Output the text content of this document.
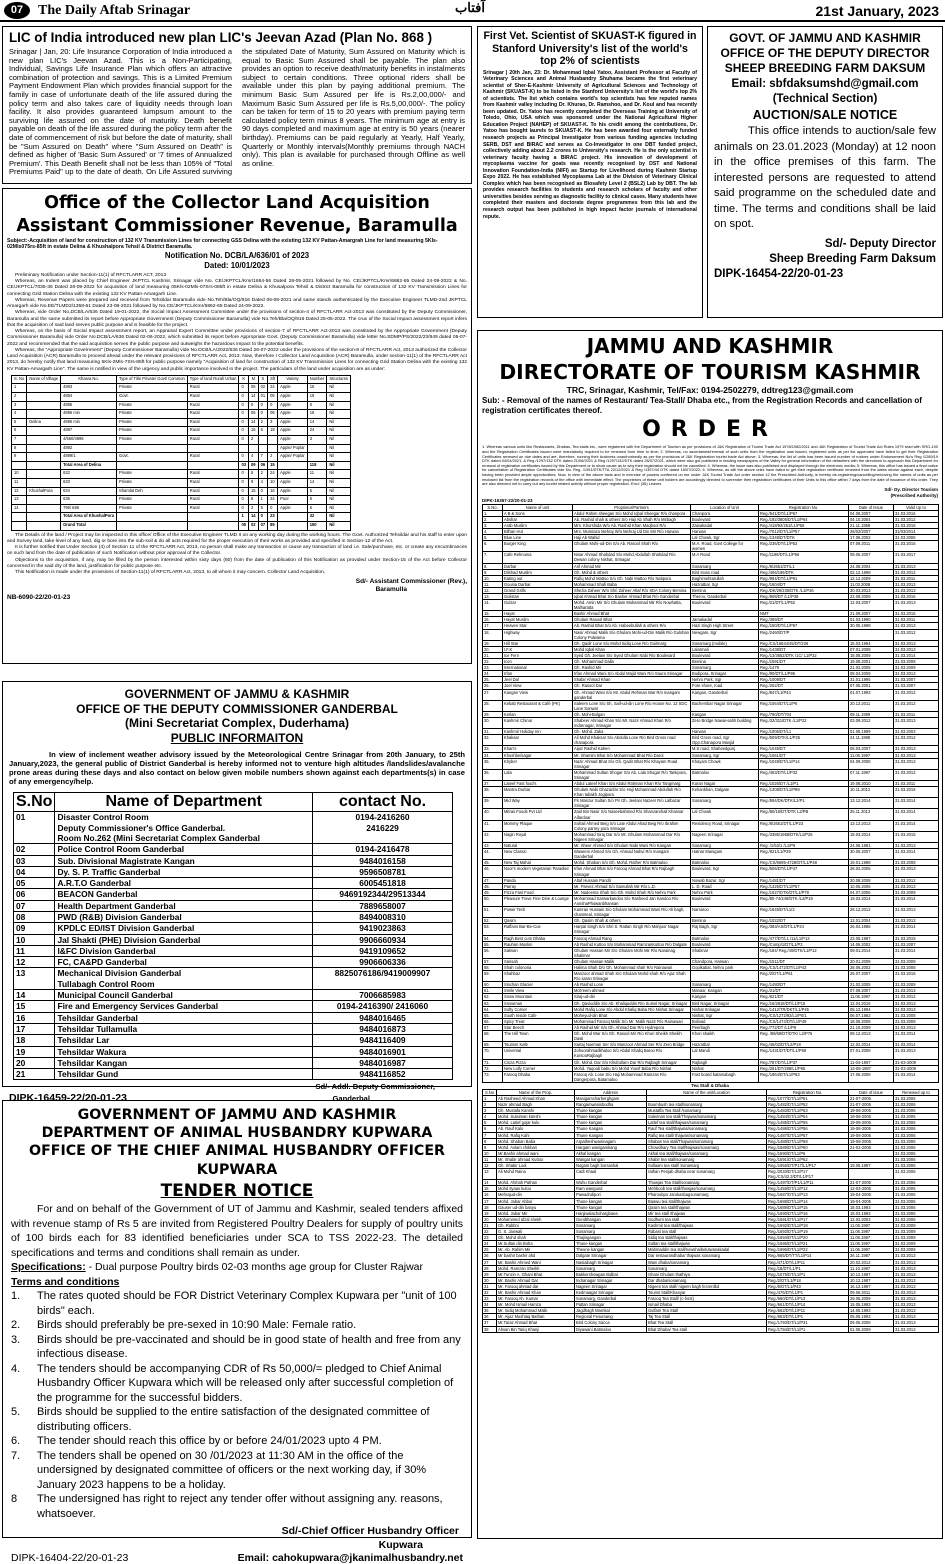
07	The Daily Aftab Srinagar	آفتاب	21st January, 2023
LIC of India introduced new plan LIC's Jeevan Azad (Plan No. 868 )
Srinagar | Jan, 20: Life Insurance Corporation of India introduced a new plan LIC's Jeevan Azad. This is a Non-Participating, Individual, Savings Life Insurance Plan which offers an attractive combination of protection and savings. This is a Limited Premium Payment Endowment Plan which provides financial support for the family in case of unfortunate death of the life assured during the policy term and also takes care of liquidity needs through loan facility. It also provides guaranteed lumpsum amount to the surviving life assured on the date of maturity. Death benefit payable on death of the life assured during the policy term after the date of commencement of risk but before the date of maturity, shall be "Sum Assured on Death" where "Sum Assured on Death" is defined as higher of 'Basic Sum Assured' or '7 times of Annualized Premium'. This Death Benefit shall not be less than 105% of "Total Premiums Paid" up to the date of death. On Life Assured surviving the stipulated Date of Maturity, Sum Assured on Maturity which is equal to Basic Sum Assured shall be payable. The plan also provides an option to receive death/maturity benefits in instalments subject to certain conditions. Three optional riders shall be available under this plan by paying additional premium. The minimum Basic Sum Assured per life is Rs.2,00,000/- and Maximum Basic Sum Assured per life is Rs.5,00,000/-. The policy can be taken for term of 15 to 20 years with premium paying term calculated policy term minus 8 years. The minimum age at entry is 90 days completed and maximum age at entry is 50 years (nearer birthday). Premiums can be paid regularly at Yearly, Half Yearly, Quarterly or Monthly intervals(Monthly premiums through NACH only). This plan is available for purchased through Offline as well as online.
First Vet. Scientist of SKUAST-K figured in Stanford University's list of the world's top 2% of scientists
Srinagar | 20th Jan, 23: Dr. Mohammad Iqbal Yatoo, Assistant Professor at Faculty of Veterinary Sciences and Animal Husbandry Shuhama became the first veterinary scientist of Sher-E-Kashmir University of Agricultural Sciences and Technology of Kashmir (SKUAST-K) to be listed in the Stanford University's list of the world's top 2% of scientists. The list which contains world's top scientists has few reputed names from Kashmir valley including Dr. Khurao, Dr. Ramshoo, and Dr. Koul and has recently been updated. Dr. Yatoo has recently completed the Overseas Training at University of Toledo, Ohio, USA which was sponsored under the National Agricultural Higher Education Project (NAHEP) of SKUAST-K. To his credit among the contributions, Dr. Yatoo has bought laurels to SKUAST-K. He has been awarded four externally funded research projects as Principal Investigator from various funding agencies including SERB, DST and BIRAC and serves as Co-Investigator in one DBT funded project, collectively adding about 2.2 crores to University's research. He is the only scientist in veterinary faculty having a BIRAC project. His innovation of development of mycoplasma vaccine for goats was recently recognised by DST and National Innovation Foundation-India (NIFI) as Startup for Livelihood during Kashmir Startup Expo 2022. He has established Mycoplasma Lab at the Division of Veterinary Clinical Complex which has been recognised as Biosafety Level 2 (BSL2) Lab by DBT. The lab provides research facilities to students and research scholars of faculty and other universities besides serving as diagnostic facility to clinical cases. Many students have completed their masters and doctorate degree programmes from this lab and the research output has been published in high impact factor journals of international repute.
GOVT. OF JAMMU AND KASHMIR
OFFICE OF THE DEPUTY DIRECTOR
SHEEP BREEDING FARM DAKSUM
Email: sbfdaksumshd@gmail.com
(Technical Section)
AUCTION/SALE NOTICE
This office intends to auction/sale few animals on 23.01.2023 (Monday) at 12 noon in the office premises of this farm. The interested persons are requested to attend said programme on the scheduled date and time. The terms and conditions shall be laid on spot.
Sd/- Deputy Director
Sheep Breeding Farm Daksum
DIPK-16454-22/20-01-23
Office of the Collector Land Acquisition
Assistant Commissioner Revenue, Baramulla
Subject:-Acquisition of land for construction of 132 KV Transmission Lines for connecting GSS Delina with the existing 132 KV Pattan-Amargrah Line for land measuring 5Kls-02Mls075rs-85ft in estate Delina & Khushalpora Tehsil & District Baramulla.
Notification No. DCB/LA/636/01 of 2023
Dated: 10/01/2023
Preliminary Notification under Section-11(1) of RFCTLARR ACT, 2013
Whereas, an Indent was placed by Chief Engineer JKPTCL Kashmir, Srinagar vide No. CE/JKPTCL/Kmr/1654-56 Dated 28-05-2021 followed by No. CE/JKPTCL/Kmr/6862-65 Dated 24-09-2022 & No. CE/JKPTCL/7035-36 Dated 28-09-2022 for acquisition of land measuring 05Kls-02Mls-07Srs-085ft in estate Delina & Khusalpora Tehsil & District Baramulla for construction of 132 KV Transmission Lines for connecting Grid Station Delina with the existing 132 KV Pattan-Amargarh Line.
Whereas, Revenue Papers were prepared and received from Tehsildar Baramulla vide No.Teh/Bla/OQ/916 Dated 06-08-2021 and same stands authenticated by the Executive Engineer TLMD-2nd JKPTCL Amargarh vide No.EE/TLMD2/1358-61 Dated 23-08-2021 followed by No.CE/JKPTCL/Kmr/6862-65 Dated 24-09-2022.
Whereas, vide Order No.DCB/LA/636 Dated 19-01-2022, the Social Impact Assessment Committee under the provisions of section-4 of RFCTLARR Act-2013 was constituted by the Deputy Commissioner, Baramulla and the same submitted its report before Appropriate Government (Deputy Commissioner Baramulla) vide No.Teh/Bla/OQ/916 Dated 25-05-2022. The crux of the Social Impact assessment report infers that the acquisition of said land serves public purpose and is feasible for the project.
Whereas, on the basis of Social Impact assessment report, an Appraisal Expert Committee under provisions of section-7 of RFCTLARR Act-2013 was constituted by the Appropriate Government (Deputy Commissioner Baramulla) vide Order No.DCB/LA/636 Dated 02-06-2022, which submitted its report before Appropriate Govt. (Deputy Commissioner Baramulla) vide letter No.SDMP/PS/2022/23/849 dated 05-07-2022 and recommended that the said acquisition serves the public purpose and outweighs the hazardous impact to the potential benefits.
Whereas, the "Appropriate Government" (Deputy Commissioner Baramulla) vide No.DCB/LA/2022/636 Dated 26-07-2022 under the provisions of the section-8 of RFCTLARR Act, 2013 authorized the Collector Land Acquisition (ACR) Baramulla to proceed ahead under the relevant provisions of RFCTLARR Act, 2013. Now, therefore I Collector Land Acquisition (ACR) Baramulla, under section-11(1) of the RFCTLARR Act 2013, do hereby notify that land measuring 5Kls-2Mls-7Srs-85ft for public purpose namely "Acquisition of land for construction of 132 KV Transmission Lines for connecting Grid Station Delina with the existing 132 KV Pattan-Amargarh Line". The same is notified in view of the urgency and public importance involved in the project. The particulars of the land under acquisition are as under:
S. No	Name of Village	Khasra No.	Type of Title Private/ Govt/ Common	Type of land Rural/ Urban	K	M	S	Sft	Variety	Number	Structures
1		4893	Private	Rural	0	05	02	24	Apple	15	Nil
2		4894	Govt.	Rural	0	14	01	05	Apple	19	Nil
3		4895	Private	Rural	0	0	0	0	Apple	0	Nil
4		4896 min	Private	Rural	0	05	0	05	Apple	16	Nil
5	Delina	4896 min	Private	Rural	0	14	2	3	Apple	14	Nil
6		4897	Private	Rural	0	15	6	18	Apple	24	Nil
7		4/560/4896	Private	Rural	0	2			Apple	3	Nil
8		4892							Apple/ Poplar		Nil
9		4899/1	Govt.	Rural	0	4	7	2	Apple/ Poplar		Nil
		Total Area of Delina			03	09	06	15		118	Nil
10		632	Private	Rural	0	5	2	24	Apple	11	Nil
11		633	Private	Rural	0	9	4	10	Apple	14	Nil
12	KhushalPora	634	Shamlat Deh	Rural	0	15	0	16	Apple	6	Nil
13		635	Private	Rural	0	8	1	24	Poor	5	Nil
14		796/ 686	Private	Rural	0	2	5	0	Apple	6	Nil
		Total Area of KhushalPora			1	14	0	23		32	Nil
		Grand Total			05	02	07	85		150	Nil
The Details of the land / Project may be inspected in this office/ Office of the Executive Engineer TLMD II on any working day during the working hours. The Govt. Authorized Tehsildar and his staff to enter upon and Survey land, take level of any land, dig or bore into the sub-soil & do all acts required for the proper execution of their works as provided and specified in Section-12 of the Act.
It is further notified that Under Section (4) of Section 11 of the RFCTLARR Act, 2013, no person shall make any transaction or cause any transaction of land i.e. Sale/purchase, etc. or create any encumbrances on such land from the date of publication of such Notification without prior approval of the Collector.
Objections to the acquisition, if any, may be filled by the person interested within sixty days (60) from the date of publication of this Notification as provided under Section-15 of the Act before Collector concerned in the said dry of the land, justification for public purpose etc.
This Notification is made under the provisions of Section-11(1) of RFCTLARR Act, 2013, to all whom it may concern. Collector Land Acquisition,
Sd/- Assistant Commissioner (Rev.),
Baramulla
NB-6090-22/20-01-23
GOVERNMENT OF JAMMU & KASHMIR
OFFICE OF THE DEPUTY COMMISSIONER GANDERBAL
(Mini Secretariat Complex, Duderhama)
PUBLIC INFORMAITON
In view of inclement weather advisory issued by the Meteorological Centre Srinagar from 20th January, to 25th January,2023, the general public of District Ganderbal is hereby informed not to venture high altitudes /landslides/avalanche prone areas during these days and also contact on below given mobile numbers shown against each departments(s) in case of any emergency/help.
S.No	Name of Department	contact No.
01	Disaster Control Room
Deputy Commissioner's Office Ganderbal.
Room No.262 (Mini Secretariat Complex Ganderbal	0194-2416260
2416229
02	Police Control Room Ganderbal	0194-2416478
03	Sub. Divisional Magistrate Kangan	9484016158
04	Dy. S. P. Traffic Ganderbal	9596508781
05	A.R.T.O Ganderbal	6005451818
06	BEACON Ganderbal	9469192344/29513344
07	Health Department Ganderbal	7889658007
08	PWD (R&B) Division Ganderbal	8494008310
09	KPDLC ED/IST Division Ganderbal	9419023863
10	Jal Shakti (PHE) Division Ganderbal	9906660934
11	I&FC Division Ganderbal	9419109652
12	FC, CA&PD Ganderbal	9906606336
13	Mechanical Division Ganderbal
Tullabagh Control Room	8825076186/9419009907
14	Municipal Council Ganderbal	7006685983
15	Fire and Emergency Services Ganderbal	0194-2416390/ 2416060
16	Tehsildar Ganderbal	9484016465
17	Tehsildar Tullamulla	9484016873
18	Tehsildar Lar	9484116409
19	Tehsildar Wakura	9484016901
20	Tehsildar Kangan	9484016987
21	Tehsildar Gund	9484116852
Sd/- Addl. Deputy Commissioner,
DIPK-16459-22/20-01-23	Ganderbal
GOVERNMENT OF JAMMU AND KASHMIR
DEPARTMENT OF ANIMAL HUSBANDRY KUPWARA
OFFICE OF THE CHIEF ANIMAL HUSBANDRY OFFICER KUPWARA
TENDER NOTICE
For and on behalf of the Government of UT of Jammu and Kashmir, sealed tenders affixed with revenue stamp of Rs 5 are invited from Registered Poultry Dealers for supply of poultry units of 100 birds each for 83 identified beneficiaries under SCA to TSS 2022-23. The detailed specifications and terms and conditions shall remain as under.
Specifications: - Dual purpose Poultry birds 02-03 months age group for Cluster Rajwar
Terms and conditions
1.	The rates quoted should be FOR District Veterinary Complex Kupwara per "unit of 100 birds" each.
2.	Birds should preferably be pre-sexed in 10:90 Male: Female ratio.
3.	Birds should be pre-vaccinated and should be in good state of health and free from any infectious disease.
4.	The tenders should be accompanying CDR of Rs 50,000/= pledged to Chief Animal Husbandry Officer Kupwara which will be released only after successful completion of the programme for the successful bidders.
5.	Birds should be supplied to the entire satisfaction of the designated committee of distributing officers.
6.	The tender should reach this office by or before 24/01/2023 upto 4 PM.
7.	The tenders shall be opened on 30 /01/2023 at 11:30 AM in the office of the undersigned by designated committee of officers or the next working day, if 30% January 2023 happens to be a holiday.
8	The undersigned has right to reject any tender offer without assigning any. reasons, whatsoever.
Sd/-Chief Officer Husbandry Officer
Kupwara
DIPK-16404-22/20-01-23	Email: cahokupwara@jkanimalhusbandry.net
JAMMU AND KASHMIR
DIRECTORATE OF TOURISM KASHMIR
TRC, Srinagar, Kashmir, Tel/Fax: 0194-2502279, ddtreg123@gmail.com
Sub: - Removal of the names of Restaurant/ Tea-Stall/ Dhaba etc., from the Registration Records and cancellation of registration certificates thereof.
ORDER
1. Whereas various units like Restaurants, Dhabas, Tea stalls etc., were registered with the Department of Tourism as per provisions of J&K Registration of Tourist Trade Act 1978/1982/2011 and J&K Registration of Tourist Trade Act Rules 1979 read with SRO-190 and the Registration Certificates issued were mandatorily required to be renewed from time to time; 2. Whereas, no ascertained/renewal of such units from the registration was issued, registered units as per list appended have failed to get their Registration Certificates renewed on due dates and are, therefore, running their business unauthorisedly as per the provisions of J&K Registration tourist trade Act above; 3. Whereas, the list of units has been issued number of notices under Endorsement No's Reg /1289/19 DTK dated 04/04/2021, & Reg /1297/132 DTK dated 21/06/2021 & Reg /1297/132/DTK dated 26/07/2021, which were also got published in leading newspapers of the Valley for general information of the defaulters with the directions to approach this Department for renewal of registration certificates issued by this Department or to show cause as to why their registration should not be cancelled; 4. Whereas, the issue was also published and displayed through the electronic media; 5. Whereas, this office has issued a final notice for cancellation of Registration Certificates vide No. Reg. /1391/DTK/TTA 22/12/2021 & Reg /1397/44 DTK dated 15/07/2022; 6. Whereas, as still the above units have failed to get their registration certificate renewed from the dates shown against each, despite having been provided ample opportunities; Now, in view of the above facts and in exercise of powers conferred on me under J&K Tourist Trade Act order section 12 the Prescribed Authority, is hereby de-registering/cancelling/removing the names of units as per enclosed list from the registration records of the office with immediate effect. The proprietors of these unit holders are accordingly directed to surrender their registration certificates of their Units to this office within 7 days from the date of issuance of this order. They are also directed not to carry out any tourist related activity without proper registration. Encl: (36) Leaves
Sd/- Dy. Director Tourism
(Prescribed Authority)
DIPK-16357-22/20-01-23
S.No.	Name of unit	Proprietor/Partners	Location of Unit	Registration No.	Date of Issue	Valid Up to
1.	A B & Sons	Abdul Rahim sheegan S/o Mohd Iqbal Sheegar R/o chanpora	Chanpora	Reg./541/DT/L1/P67	04.08.2007	31.03.2016
2.	Abshar	Ab. Rashid shah & others S/o Haji Ab Shah R/o Mirbagh	Boulevard	Reg./192/3805/DT/L1/P64	04.10.2004	31.03.2012
3.	Arab Muslim	Mrs. Khurshida W/o Ab. Rashid Khan Maqbool R/o	Zainakadal	Reg./418/92/261/L1/P58	21.11.1958	31.03.2015
4.	Bilhan Hut	Mrs. Mumtaza Mehraj W/o Mehraj Ud Din Mir R/o Harwan	Harwan	Reg./7012/DT/L1/P57	26/02/2007	31/03/2014
5.	Blue Line	Haji Ab Wahid	Lal Chowk, Sgr	Reg./1348/DT/DTK	17.06.2002	31.03.2006
6.	Burger King	Ghulam Mohi-ud-Din S/o Ab. Rasool Shah R/o	M.A. Road, Govt College for women	Reg./236/DT/L1/P53	07.09.2011	31.03.2015
7.	Cafe Rehnuma	Nisar Ahmad Shahdad S/o Mohd Abdullah Shahdad R/o Dewan colony Nishat, Srinagar	M.A Road	Reg./1198/DT/L1/P56	09.05.2007	31.03.2017
8.	Darbar	Arif Ahmad Mir	Sonamarg	Reg./8/2651/DT/L1	24.08.2004	31.03.2013
9.	Dilshad Muslim	Gh. Mohd & others	Bird stoss road	Reg./406/199/DTK	02.12.1998	31.03.2012
10.	Eating out	Rafiq Mohd Mattoo S/o Gh. Nabi Mattoo R/o Natipora	Baghimehtarullah	Reg./994/DT/L1/P91	12.12.2009	31.03.2011
11.	Gousia Darbar	Mohammad Shafi Baba	Hazratbal, Sgr	Reg./1604/DT	11.03.2008	31.03.2013
12.	Grand Grills	Shezia Zaheer W/o Shri Zaheer Altaf R/o SDA Colony Bemina	Bemina	Reg./DK/29/236/DTK /L1/P26	30.03.2013	31.03.2013
13.	Gulistan	Iqbal Ahmad Bhat S/o Basher Ahmad Bhat R/o Ganderbal	Theroo, Ganderbal	Reg./908/DT /L1/P38	22.09.2009	31.03.2016
14.	Gulzar	Mohd. Amin Mir S/o Ghulam Mohammad Mir R/o Nowhatta, Malharatta	Boulevard	Reg./21/DT/L1/P52	12.03.2007	31.03.2013
15.	Hayat	Bashir Ahmad Bhat		NMT	21.09.2007	31.03.2015
16.	Hayat Muslim	Ghulam Rasool Bhat	Jamakadal	Reg./389/DT	01.03.1990	31.03.2011
17.	Heaven Star	Ab. Rashid Bhat S/o Ab. Habeebullah & others R/o	Hazi Singh High Street	Reg./150/DT/L1/P97	30.05.1998	31.03.2013
18.	Highway	Nasir Ahmad Malik S/o Ghulam Mohi-ud-Din Malik R/o Gulshan Colony Pulwama	Newgam, Sgr	Reg./2460/DT/P		31.03.2012
19.	Hill Star	Gh. Qadir Lone S/o Mohd Sidiq Lone R/o Guilmarg	Sonamarg (mobile)	Reg./CS/16844/45/DT/226	15.03.1994	31.03.2013
20.	I.F.K	Mohd Iqbal Khan	Lalarmali	Reg./1438/DT	07.01.2008	31.03.2013
21.	Ice Fern	Syed Gh. Jeelani S/o Syed Ghulam Nabi R/o Boulevard	Boulevard	Reg./13/3652/DTK /1C/ L1/P32	18.08.2009	31.03.2014
22.	Icon	Gh. Mohammad Dalla	Bemina	Reg./1591/DT	19.08.2001	31.03.2008
23.	International	Gh. Rashid Mir	Sonamarg	Reg./1479	21.02.2005	31.03.2009
24.	Irfan	Irfan Ahmad Wani S/o Abdul Majid Wani R/o Saura Srinagar	Budipora, Srinagar	Reg./90/DT/L1/P86	08.04.2009	31.03.2013
25.	Jeel Dal	Shabir Ahmad Khan	Nehru Park, Sgr	Reg./1009/DT	31.01.1995	31.03.2007
26.	Joel View	Gh. Rasool Dar	Fore shore, road	Reg./262/DT	07.05.2001	31.03.2007
27.	Kangan View	Gh. Ahmad Wani S/o Mr. Abdul Rehman War R/o mangam ganderbal	Kangan, Ganderbal	Reg./847/L1/P44	01.07.1993	31.03.2012
28.	Kebab Restaurant & Café (PK)	Saleem Lone S/o Sh. Saif-ud-din Lone R/o House No. 12 SDC Lane Sonwar	Bachembar Nagar Srinagar	Reg./1064/DT/L1/P6	20.12.2011	31.03.2012
29.	Kerlan	Gh. Mohi-Bolgan	Kangan	Reg./790/DT/704	09.11.1999	31.03.2011
30.	Kashmir Chinar	Shabeer Ahmad Khan S/o Mr. Nazir Ahmad Khan R/o Indrenagar, Srinagar	Zero Bridge Nawai-sabh building	Reg./32/311/DTK /L1/P22	03.09.2012	31.03.2013
31.	Kashmir Holiday Inn	Gh. Mohd. Zaka	Harwan	Reg./1006/DT/L1	01.08.1999	31.03.2003
32.	Khaksar	Ali Mohd Khaksar S/o Abdulla Lone R/o Bird Gross road chanapora	Bird Gross road, Sgr Opp.Chanapora Masjid	Reg./509/DTK/L1/P25	24.11.1998	31.03.2012
33.	Khan's	Aijaz Rashid Kahen	M.S road, Shaheedgunj	Reg./1045/DT	05.03.2007	31.03.2013
34.	Khushbe/sagar	Mr. Shamim Bhat S/o Mohammad Bhat R/o Darol	Sonamarg, Sgr	Reg./1061/DT	11.06.1997	31.03.2013
35.	Khyber	Nazir Ahmad Bhat S/o Gh. Qadir Bhat R/o Khayam Road Srinagar	Khayam Chowk	Reg./1049/DT/L1/P14	04.09.2008	31.03.2013
36.	Lala	Mohammad Sultan Shogar S/o Ab. Lala Shogar R/o Tankpora, Srinagar	Batmaloo	Reg./463/DT/L1/P32	07.11.1997	31.03.2012
37.	Lateef Fast food's	Abdul Lateef Khan S/o Abdul Rahman Khan R/o Tangmarg	Karan Nagar	Reg./1026/DT /L1/P1	19.08.2010	31.03.2011
38.	Mantra Durbar	Ghulam Nabi Ghazanfar S/o Haji Mohammad Abdullah R/o Khan tabakh Jogipora	Kehankhan, Dalgate	Reg./1308/DT/L1/P99	10.11.2012	31.03.2015
39.	Mid Way	Pir Manzur Sultan S/o Pir Gh. Jeelani Nazeer R/o Lalbazar Srinagar	Sonamarg	Reg./594/DK/DTK/L2/P1	13.12.2014	31.03.2014
40.	Mitras Foods Pvt Ltd	Zaid Bin Nasir S/o Naseebahmed R/o Shanzarehail Khansar Aifardoar	Lal Chowk	Reg./80/16/DT/DTK L2/PB	25.11.2013	31.03.2014
41.	Mommy Plaque	Sohail Ahmed Beig S/o Late Abdul Ahad Beig R/o Ibrahim Colony parrey pora Srinagar	Residency Road, Srinagar	Reg./8/2651/DT/L1/P23	13.12.2013	31.03.2014
42.	Nagin Royal	Mohammad Siraj Dar S/o Mr. Ghulam Mohammad Dar R/o Nigeen Srinagar	Nageen Srinagar	Reg./3385/1958/DTK/L1/P25	18.03.2014	31.03.2015
43.	Natural	Mr. Sheer Ahmed S/o Ghulam Nabi Wani R/o Kangan	Sonamarg	Reg. /1/53/1 /L1/P9	24.06.1981	31.03.2013
44.	New Classic	Waseem Ahmed S/o Gh. Ahmad Nahvi R/o mangam Ganderbal	Hatnar Manigam	Reg./821/L1/P39	30.05.2007	31.03.2014
45.	New Taj Mahal	Mohd. Shaban S/o Gh. Mohd. Rather R/o Batmaloo	Batmaloo	Reg./CS/6695-4728/DT/L1/P48	19.01.1988	31.03.2008
46.	Noor's modern Vegetarian Paradise	Irfan Ahmad Bhat S/o Farooq Ahmad Bhat R/o Rajbagh Srinagar	Boulevard, Sgr	Reg./506/DT/L1/P47	28.02.2005	31.03.2013
47.	Panda	Altaf Hussain Pandit	Nowab Bazar, Sgr	Reg./1481/DT	20.08.2008	31.03.2012
48.	Parray	Mr. Parvez Ahmad S/o Samullah Mir R/o L.D.	L. D. Road	Reg./1325/DT/L1/P57	10.05.2006	31.03.2013
49.	Pizza Fast Food	Mr. Nadeema Shah S/o Gh. Mohd Shah R/o Nehru Park	Nehru Park	Reg./1027/DTK/DT/L1/P79	04.07.2006	31.03.2009
50.	Pleasure Trove Fine Dine & Lounge	Mohammad Sarwarkandoo S/o Rasheed Jan Kandoo R/o AnnshaPhowanbhansan	Boulevard	Reg./80-74/248/DTK /L2/P19	19.02.2014	31.03.2014
51.	Power Tech	Kamran Hussain S/o Ghulam Mohammad Wani R/o Ali bagh, chanmeal, Srinagar	Narsaroo	Reg./1645/DT/L1/2	28.12.2012	31.03.2013
52.	Qasim	Gh. Qasim Shah & others	Bemina	Reg./1022/DT	12.01.2004	31.03.2013
53.	Raffans Bar-Be-Cue	Harpal Singh S/o Shri S. Rattan Singh R/o Mahjoor Nagar Srinagar	Raj Bagh, Sgr	Reg./383/AS/DT/L1/P24	26.04.1986	31.03.2014
54.	Ragh Best cum Dhaba	Farooq Ahmad Rang	Batmaloo	Reg./477/DT/L1 /11/L1/P13	23.05.1987	31.03.2015
55.	Rauhan Muslim	Ab Rashid Kuttoo S/o Mohammad RamzanKuttoo R/o Dalgate	Boulevard	Reg./Comp/1/DT/L1/P3	14.06.2002	31.03.2007
56.	Saksan	Ghulam Hassan Mir S/o Ghulam Mohi Mir R/o Narainag Shalimar	Shalimar	Reg./184/ Reg./40/DTK/L1/P12	09.01.2014	31.03.2014
57.	Sarisah	Ghulam Hassan Malik	Chandpora, Harwan	Reg./1511/DT	20.01.2008	31.03.2009
58.	Shah colonoria	Halima Shah D/o Gh. Mohammad shah R/o Rainawari	Gopikabat, Nehru park	Reg./CS/1472/DT/L1/P43	28.06.2002	31.03.2008
59.	Shahbaz	Manzoor ahmad Shah S/o Ghulam Mohd shah R/o Ajaz Shah R/o saran Srinagar		Reg./2/DT/L1/P61	25.07.2007	31.03.2015
60.	Sinchan Glacier	Ab Rashid Lone	Sonamarg	Reg./1480/DT	21.02.2005	31.03.2009
61.	Smile View	Moh'eem ahmed	Manasr, Kangan	Reg./21/DT	07.08.2007	31.03.2013
62.	Snow Mountain	Siraj-ud-din	Kangan	Reg./621/DT	11.06.1997	31.03.2012
63.	Snowman	Gh. Qaviuddin S/o Ab. Khaliquddin R/o Sumel Nagar, Srinagar	Bird Nagar, Srinagar	Reg./16/2818/DT/L1/P15	12.04.2016	31.03.2013
64.	Softy Corner	Mohd Rafiq Lone S/o Abdul Khaliq Baba R/o Nishat Srinagar	Nishat Srinagar	Reg./1412/TR/DKT/L1/P45	05.12.1994	31.03.2013
65.	South Inside Cafe	Moheyud-din Bhat	Nishat, Sgr	Reg./CS/1272/92/L1/P0/1	06.07.1982	31.03.2008
66.	Spicy Treat	Mohammad Farooq Malik S/o Mr. Malik Nazir R/o Rainawari	Bolivad	Reg./CS/1474/DT/L1/P49	18.05.2008	31.03.2009
67.	Star Beech	Ab Rashid Mir S/o Gh. Ahmad Dar R/o Hydrepora	Peerbagh	Reg./772/DT /L1/P8	21.10.2009	31.03.2013
68.	The Hill Town	Gh. Mohd War S/o Gh. Rasool Mir R/o Khori Sheikh Sheikh Dasti	Khori shaikh	Reg. /88/69/DT/DTK/ L2/P76	09.12.2013	31.03.2014
69.	Tourism Kafe	Sartaj Noeman Ser S/o Manzoor Ahmad Ser R/o Zero Bridge	Hazratbal	Reg./46/02/DT/L2/P19	12.02.2014	31.03.2014
70.	Universal	Zohoorahmadkhaloo S/o Abdul Khaliq Baroo R/o KursooRajbagh	Lal Mandi	Reg./1431/DT/DT/L1/P69	07.01.2008	31.03.2013
71.	Cinza Pizza	Gh. Mohd. Dar S/o Khidrullam Dar R/o Rajbagh Srinagar	Rajbagh	Reg./787/DT/L1/P37	11-04-1987	31-03-2009
72.	New Lolly Corner	Mohd. Yaqoob babu S/o Mohd Yousf Baba R/o Nishat	Nishat	Reg./281/DT/288/L1/P65	13-08-1987	31-03-2009
73.	Farooq Dhaba	Farooq Ab. Lone S/o Haji Mohammad Ramzan R/o Dangerpora, Batamaloo	Fast board batamabagh	Reg./1864/DT/L1/P63	17.06.2008	31.03.2014
Tea Stall & Dhaba
S.No	Name of the Prop.	Address	Name of the unit/Location	Registration No.	Date of issue	Renewed up to
1	Ab Rasheed Ahmad Khan	Manigamcharberghgam		Reg./1077/DT/L1/P51	21-07-2005	31.03.2006
2	Nazir ahmad Bagh	Rangamwanisbodha	Boumbush tea stall/sonamarg	Reg./1482/DT/L1/P52	21-07-2005	31.03.2006
3	Gh. Mustafa Kanshi	Thune kangan	Mustaffa Tea Stall /sonamarg	Reg./1483/DT/L1/P53	19-08-2005	31.03.2006
4	Mohd. Sulaiman kanshi	Thune kangan	Suleiman tea stall/Thajwas/sonamarg	Reg./1484/DT/L1/P54	19-08-2005	31.03.2006
5	Mohd. Latief gojar kulu	Thune kangan	Lattef tea stall/thajwas/sonamarg	Reg./1485/DT/L1/P55	19-08-2005	31.03.2006
6	Ab. Rauf Kalo	Thune Kangan	Rauf Tea stall/thajwas/sonamarg	Reg./1486/DT/L1/P56	19-08-2005	31.03.2006
7	Mohd. Rafiq Kahi	Thune Kangan	Rafiq tea stall/ thajwas/sonamarg	Reg./1487/DT/L1/P57	19-08-2005	31.03.2006
8	Mohd. Shaban Baba	Arpatheshwaninagam	Shaban tea stall/Thajwas/sonamarg	Reg./1488/DT/L1/P58	19-08-2005	31.03.2006
9	Mohd. Aslam chikhari	Hargam wanigamkang	Chowdhary Tea stall/Najwas/sonamarg	Reg./1589/DT/L1/P60	21-02-2006	31.03.2006
10	Mr.Bashir ahmad wani	Akhal kangan	Akhal tea stall/thajwas/sonamarg	Reg./1590/DT/L1/P6		31.03.2006
11	Mr. Shabir ahmad Kuttoo	Wangat kangan	Shabir tea stall/sonamarg	Reg./1591/DT/L1/P62		31.03.2006
12	Gh. Shabir Lodi	Nogam bagh borsashal	Sollaam tea stall/ Sonamarg	Reg./1956/DT/P17/L1/P17	19.05.1997	31.03.2006
13	Ali Mohd Raina	Cadt Khaal	rathan Penjab dhaba near sonamarg	Reg./2033/DT/L1/P17 Reg./CS/42.3/DT/L1/P17		31.03.2006
14	Mohd. Afshah Pathan	Wuhu Ganderbal	Thowjas Tea Stall/sonamarg	Reg./1497/DT/P1/L1/P11	21-07-2005	31.03.2006
15	Mohd Ilyaas kuloo	Ram wangund	Mehboob tea stall/thowjas/sonamarg	Reg./1459/DT/L1/P12	12-03-2005	31.03.2006
16	Mehrajud-din	Pawadndipori	Pharoobpo Jarokasbagsonamarg	Reg./1687/DT/L1/P13	19-04-2005	31.03.2006
17	Mohd. Jabar Abbul	Thune kangan	Baawu tea stall/thajwas	Reg./1688/DT/L1/P14	19-04-2005	31.03.2006
18	Gauser ud-din banyu	Thune kangan	Qasim tea stall/thajwas	Reg./1689/DT/L1/P15	18.03.1993	31.03.2006
19	Mohd. Jabar Mir	Hanjiwalachohargbaea	Mir tea stall /thajwas	Reg./1690/DT/L1/P16	18.03.1993	31.03.2006
20	Mohammed afzal shekh	Gundthangan	Gudhurn tea stall	Reg./1691/DT/L1/P17	12.02.2003	31.03.2006
21	Gh. Rabbni	Sonamarg	Kashmir tea stall/thajwas	Reg./1692/DT/L1/P18	11.06.1997	31.03.2009
22	G. S. Janwali	Sonamarg	Rabani tea stall	Reg./1693/DT/L1/P19	11.06.1997	31.03.2009
23	Gh. Mohd shah	Thajingangan	Sidiq tea stall/thajwas	Reg./1694/DT/L1/P20	11.06.1997	31.03.2009
24	Mr.Sultan din Boha	Thune kangan	Sultan tea stall/thajwas	Reg./1695/DT/L1/P21	11.06.1997	31.03.2009
25	Mr. Ab. Rahim Mir	Theune kangan	Mahmaddin tea stall/nowshaibelutwanakadal	Reg./1696/DT/L1/P22	11.06.1997	31.03.2009
26	Mr bashir bashir ahd	Dalgate Srinagar	Dar restaurandhaba/ thajwas sonamarg	Reg./665/DT/TT/L1/P14	26.11.1987	31.03.2013
27	Mr. Bashir Ahmed Wani	Nasiaibagh Srinagar	Wani dhaba/sonamarg	Reg./471/DT/L1/P11	20.02.2012	31.03.2013
28	Mohd. Ramzan Sheikh	Sonamarg	Sonamarg	Reg./18/DT/L1/P1	11.10.1987	31.03.2013
29	Mr.Tunzin A. Ghani Bhat	Bakkershowgan Bidbar	Ghani Ghulam thathiya	Reg./1075/DT/L1/P1	10.12.1987	31.03.2013
30	Mr. Bashir Ahmad Dar	Indranagar Srinagar	Dar dhaba/sonamarg	Reg./2/DT/L1/P18	10.12.1987	31.03.2013
31	Mr. Farooq ahmad dar	Nageen Srinagar	Nigeen tea stall/ nigeen bagh fecrerdkd	Reg./5/DT/L1/P43	16.12.1987	31.03.2013
32	Mr. Bashir Ahmad Khan	Kedmaagar Srinagar	Tourist Stall/Khanyar	Reg./476/DT/L1/P1	09.06.2011	31.03.2013
33	Mr. Farooq Ah. Kumar	Sonamarg, Ganderbal	Farooq Tea Stall/ (c-host)	Reg./660/DT/L1/P13	29.05.2009	31.03.2013
34	Mr. Mohd Ismail Hamza	Pattan Srinagar	Ismail Dhaba	Reg./661/DT/L1/P14	15.05.1993	31.03.2013
35	Mr. Sidiq Mohammad Malik	Jagdhagh Marrikal	Gulfam Tea Stall	Reg./662/DT/L1/P11	14.05.1993	31.03.2013
36	Mr. Aijaz Mushtaq Bathan	Regional Fesumang	Taj Tea Stall	Reg./663/DT/L1/P1	05.05.1993	31.03.2013
37	Mr.Taraz Ahmad Bhat	Bird Colony Sacca	Bhat Tea Stall	Reg./1793/DT/L1/P31	09.05.2008	31.03.2013
38	Ahsan Bin Tariq Khanji	Diyawani Batmaloo	Bhat Dhaba/ Tea stall	Reg./1794/DT/L1/P1	01.05.2009	31.03.2013
